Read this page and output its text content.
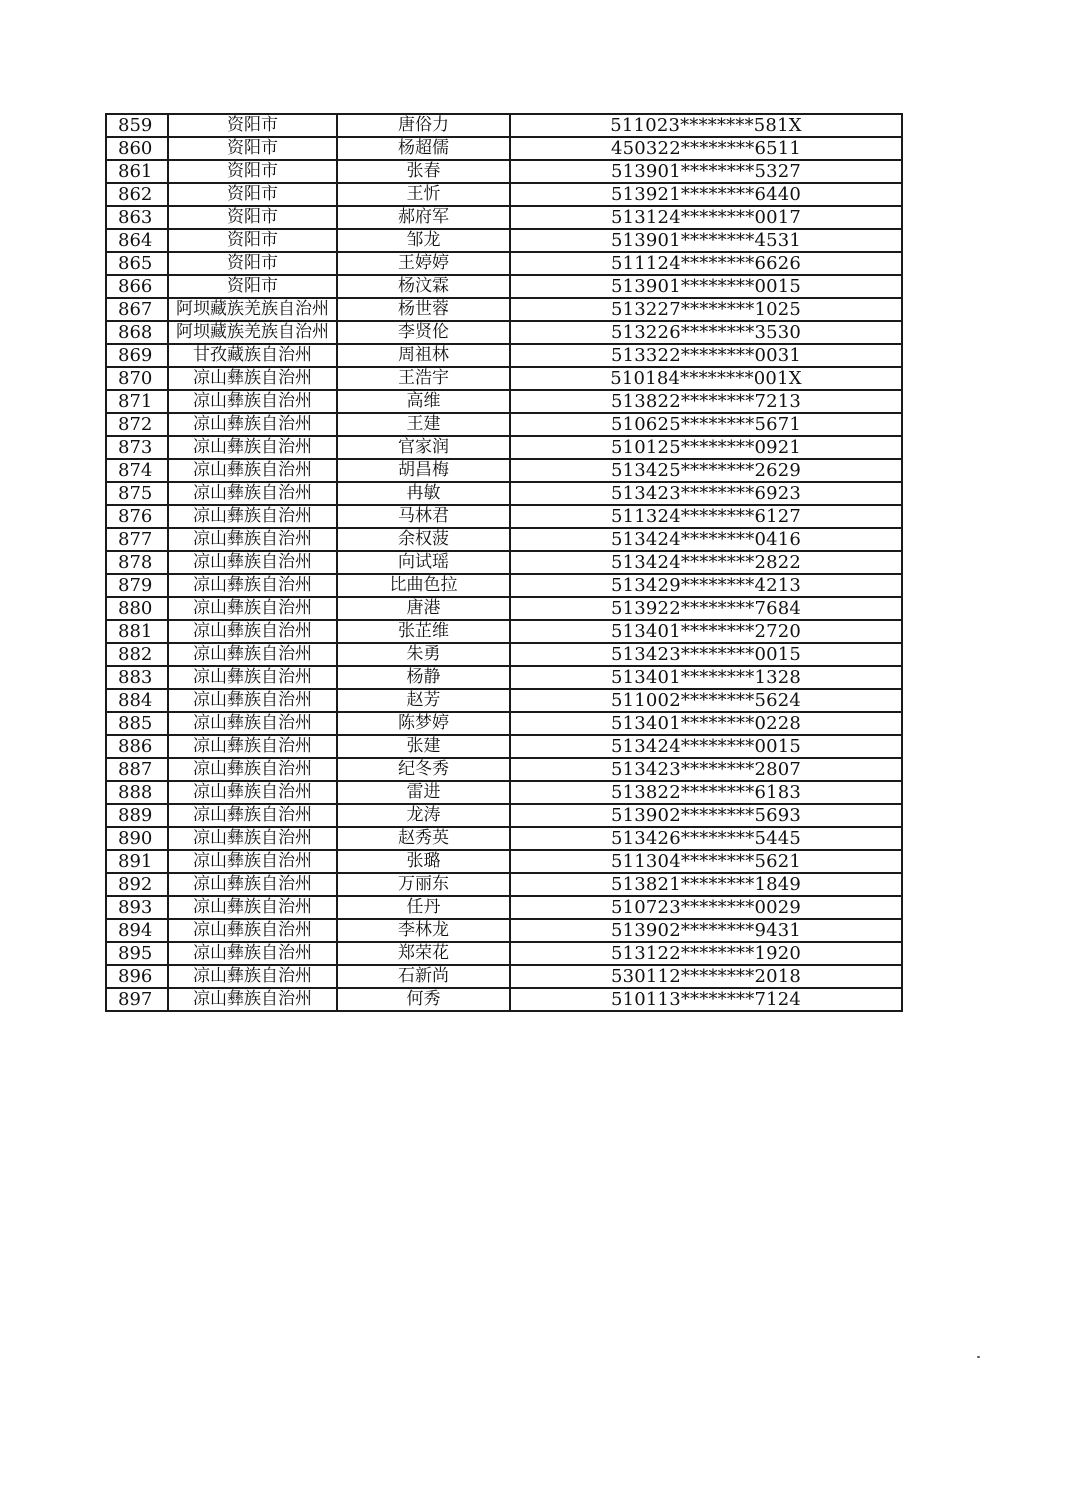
859	资阳市	唐俗力	511023********581X
860	资阳市	杨超儒	450322********6511
861	资阳市	张春	513901********5327
862	资阳市	王忻	513921********6440
863	资阳市	郝府军	513124********0017
864	资阳市	邹龙	513901********4531
865	资阳市	王婷婷	511124********6626
866	资阳市	杨汶霖	513901********0015
867	阿坝藏族羌族自治州	杨世蓉	513227********1025
868	阿坝藏族羌族自治州	李贤伦	513226********3530
869	甘孜藏族自治州	周祖林	513322********0031
870	凉山彝族自治州	王浩宇	510184********001X
871	凉山彝族自治州	高维	513822********7213
872	凉山彝族自治州	王建	510625********5671
873	凉山彝族自治州	官家润	510125********0921
874	凉山彝族自治州	胡昌梅	513425********2629
875	凉山彝族自治州	冉敏	513423********6923
876	凉山彝族自治州	马林君	511324********6127
877	凉山彝族自治州	余权菠	513424********0416
878	凉山彝族自治州	向试瑶	513424********2822
879	凉山彝族自治州	比曲色拉	513429********4213
880	凉山彝族自治州	唐港	513922********7684
881	凉山彝族自治州	张芷维	513401********2720
882	凉山彝族自治州	朱勇	513423********0015
883	凉山彝族自治州	杨静	513401********1328
884	凉山彝族自治州	赵芳	511002********5624
885	凉山彝族自治州	陈梦婷	513401********0228
886	凉山彝族自治州	张建	513424********0015
887	凉山彝族自治州	纪冬秀	513423********2807
888	凉山彝族自治州	雷进	513822********6183
889	凉山彝族自治州	龙涛	513902********5693
890	凉山彝族自治州	赵秀英	513426********5445
891	凉山彝族自治州	张璐	511304********5621
892	凉山彝族自治州	万丽东	513821********1849
893	凉山彝族自治州	任丹	510723********0029
894	凉山彝族自治州	李林龙	513902********9431
895	凉山彝族自治州	郑荣花	513122********1920
896	凉山彝族自治州	石新尚	530112********2018
897	凉山彝族自治州	何秀	510113********7124
